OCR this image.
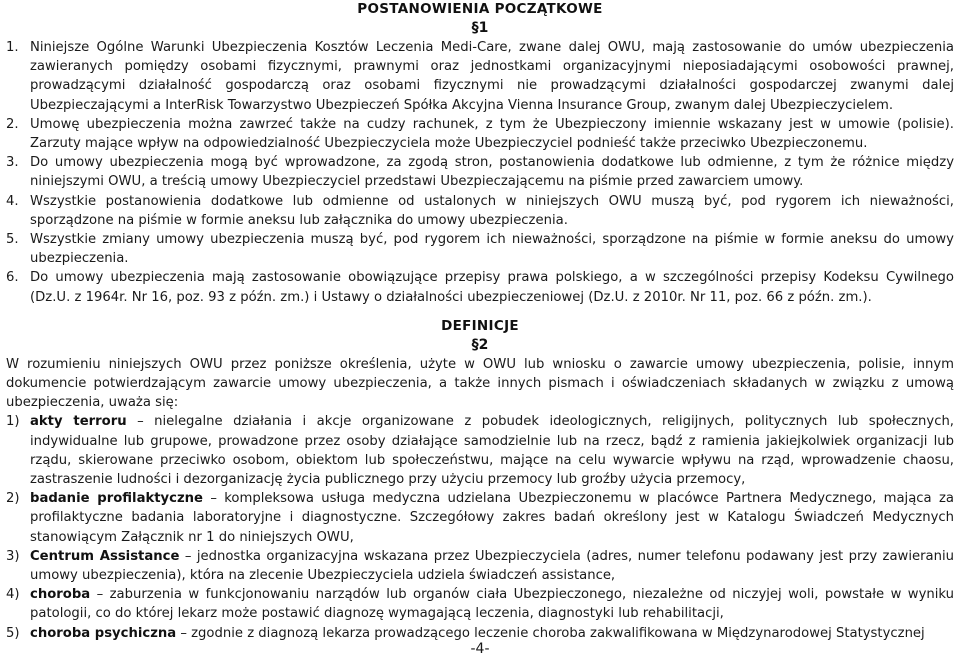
POSTANOWIENIA POCZĄTKOWE
§1
1. Niniejsze Ogólne Warunki Ubezpieczenia Kosztów Leczenia Medi-Care, zwane dalej OWU, mają zastosowanie do umów ubezpieczenia zawieranych pomiędzy osobami fizycznymi, prawnymi oraz jednostkami organizacyjnymi nieposiadającymi osobowości prawnej, prowadzącymi działalność gospodarczą oraz osobami fizycznymi nie prowadzącymi działalności gospodarczej zwanymi dalej Ubezpieczającymi a InterRisk Towarzystwo Ubezpieczeń Spółka Akcyjna Vienna Insurance Group, zwanym dalej Ubezpieczycielem.
2. Umowę ubezpieczenia można zawrzeć także na cudzy rachunek, z tym że Ubezpieczony imiennie wskazany jest w umowie (polisie). Zarzuty mające wpływ na odpowiedzialność Ubezpieczyciela może Ubezpieczyciel podnieść także przeciwko Ubezpieczonemu.
3. Do umowy ubezpieczenia mogą być wprowadzone, za zgodą stron, postanowienia dodatkowe lub odmienne, z tym że różnice między niniejszymi OWU, a treścią umowy Ubezpieczyciel przedstawi Ubezpieczającemu na piśmie przed zawarciem umowy.
4. Wszystkie postanowienia dodatkowe lub odmienne od ustalonych w niniejszych OWU muszą być, pod rygorem ich nieważności, sporządzone na piśmie w formie aneksu lub załącznika do umowy ubezpieczenia.
5. Wszystkie zmiany umowy ubezpieczenia muszą być, pod rygorem ich nieważności, sporządzone na piśmie w formie aneksu do umowy ubezpieczenia.
6. Do umowy ubezpieczenia mają zastosowanie obowiązujące przepisy prawa polskiego, a w szczególności przepisy Kodeksu Cywilnego (Dz.U. z 1964r. Nr 16, poz. 93 z późn. zm.) i Ustawy o działalności ubezpieczeniowej (Dz.U. z 2010r. Nr 11, poz. 66 z późn. zm.).
DEFINICJE
§2
W rozumieniu niniejszych OWU przez poniższe określenia, użyte w OWU lub wniosku o zawarcie umowy ubezpieczenia, polisie, innym dokumencie potwierdzającym zawarcie umowy ubezpieczenia, a także innych pismach i oświadczeniach składanych w związku z umową ubezpieczenia, uważa się:
1) akty terroru – nielegalne działania i akcje organizowane z pobudek ideologicznych, religijnych, politycznych lub społecznych, indywidualne lub grupowe, prowadzone przez osoby działające samodzielnie lub na rzecz, bądź z ramienia jakiejkolwiek organizacji lub rządu, skierowane przeciwko osobom, obiektom lub społeczeństwu, mające na celu wywarcie wpływu na rząd, wprowadzenie chaosu, zastraszenie ludności i dezorganizację życia publicznego przy użyciu przemocy lub groźby użycia przemocy,
2) badanie profilaktyczne – kompleksowa usługa medyczna udzielana Ubezpieczonemu w placówce Partnera Medycznego, mająca za profilaktyczne badania laboratoryjne i diagnostyczne. Szczegółowy zakres badań określony jest w Katalogu Świadczeń Medycznych stanowiącym Załącznik nr 1 do niniejszych OWU,
3) Centrum Assistance – jednostka organizacyjna wskazana przez Ubezpieczyciela (adres, numer telefonu podawany jest przy zawieraniu umowy ubezpieczenia), która na zlecenie Ubezpieczyciela udziela świadczeń assistance,
4) choroba – zaburzenia w funkcjonowaniu narządów lub organów ciała Ubezpieczonego, niezależne od niczyjej woli, powstałe w wyniku patologii, co do której lekarz może postawić diagnozę wymagającą leczenia, diagnostyki lub rehabilitacji,
5) choroba psychiczna – zgodnie z diagnozą lekarza prowadzącego leczenie choroba zakwalifikowana w Międzynarodowej Statystycznej
-4-
